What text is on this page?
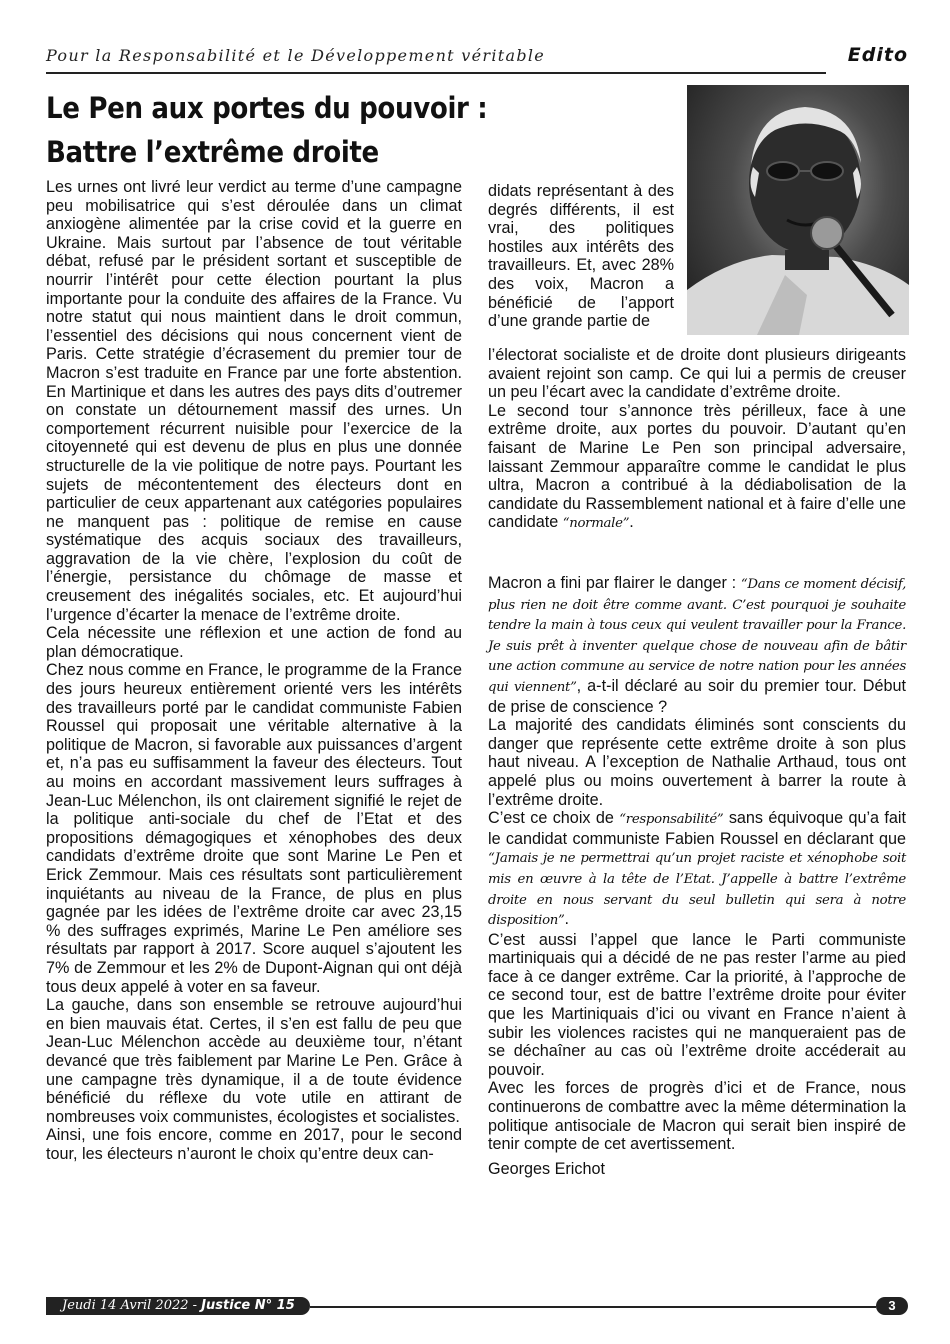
Pour la Responsabilité et le Développement véritable	Edito
Le Pen aux portes du pouvoir :
Battre l’extrême droite

Les urnes ont livré leur verdict au terme d’une campagne peu mobilisatrice qui s’est déroulée dans un climat anxiogène alimentée par la crise covid et la guerre en Ukraine. Mais surtout par l’absence de tout véritable débat, refusé par le président sortant et susceptible de nourrir l’intérêt pour cette élection pourtant la plus importante pour la conduite des affaires de la France. Vu notre statut qui nous maintient dans le droit commun, l’essentiel des décisions qui nous concernent vient de Paris. Cette stratégie d’écrasement du premier tour de Macron s’est traduite en France par une forte abstention. En Martinique et dans les autres des pays dits d’outremer on constate un détournement massif des urnes. Un comportement récurrent nuisible pour l’exercice de la citoyenneté qui est devenu de plus en plus une donnée structurelle de la vie politique de notre pays. Pourtant les sujets de mécontentement des électeurs dont en particulier de ceux appartenant aux catégories populaires ne manquent pas : politique de remise en cause systématique des acquis sociaux des travailleurs, aggravation de la vie chère, l’explosion du coût de l’énergie, persistance du chômage de masse et creusement des inégalités sociales, etc. Et aujourd’hui l’urgence d’écarter la menace de l’extrême droite.

Cela nécessite une réflexion et une action de fond au plan démocratique.

Chez nous comme en France, le programme de la France des jours heureux entièrement orienté vers les intérêts des travailleurs porté par le candidat communiste Fabien Roussel qui proposait une véritable alternative à la politique de Macron, si favorable aux puissances d’argent et, n’a pas eu suffisamment la faveur des électeurs. Tout au moins en accordant massivement leurs suffrages à Jean-Luc Mélenchon, ils ont clairement signifié le rejet de la politique anti-sociale du chef de l’Etat et des propositions démagogiques et xénophobes des deux candidats d’extrême droite que sont Marine Le Pen et Erick Zemmour. Mais ces résultats sont particulièrement inquiétants au niveau de la France, de plus en plus gagnée par les idées de l’extrême droite car avec 23,15 % des suffrages exprimés, Marine Le Pen améliore ses résultats par rapport à 2017. Score auquel s’ajoutent les 7% de Zemmour et les 2% de Dupont-Aignan qui ont déjà tous deux appelé à voter en sa faveur.

La gauche, dans son ensemble se retrouve aujourd’hui en bien mauvais état. Certes, il s’en est fallu de peu que Jean-Luc Mélenchon accède au deuxième tour, n’étant devancé que très faiblement par Marine Le Pen. Grâce à une campagne très dynamique, il a de toute évidence bénéficié du réflexe du vote utile en attirant de nombreuses voix communistes, écologistes et socialistes.

Ainsi, une fois encore, comme en 2017, pour le second tour, les électeurs n’auront le choix qu’entre deux can-

didats représentant à des degrés différents, il est vrai, des politiques hostiles aux intérêts des travailleurs. Et, avec 28% des voix, Macron a bénéficié de l’apport d’une grande partie de

l’électorat socialiste et de droite dont plusieurs dirigeants avaient rejoint son camp. Ce qui lui a permis de creuser un peu l’écart avec la candidate d’extrême droite.

Le second tour s’annonce très périlleux, face à une extrême droite, aux portes du pouvoir. D’autant qu’en faisant de Marine Le Pen son principal adversaire, laissant Zemmour apparaître comme le candidat le plus ultra, Macron a contribué à la dédiabolisation de la candidate du Rassemblement national et à faire d’elle une candidate “normale”.

Macron a fini par flairer le danger : “Dans ce moment décisif, plus rien ne doit être comme avant. C’est pourquoi je souhaite tendre la main à tous ceux qui veulent travailler pour la France. Je suis prêt à inventer quelque chose de nouveau afin de bâtir une action commune au service de notre nation pour les années qui viennent”, a-t-il déclaré au soir du premier tour. Début de prise de conscience ?

La majorité des candidats éliminés sont conscients du danger que représente cette extrême droite à son plus haut niveau. A l’exception de Nathalie Arthaud, tous ont appelé plus ou moins ouvertement à barrer la route à l’extrême droite.

C’est ce choix de “responsabilité” sans équivoque qu’a fait le candidat communiste Fabien Roussel en déclarant que “Jamais je ne permettrai qu’un projet raciste et xénophobe soit mis en œuvre à la tête de l’Etat. J’appelle à battre l’extrême droite en nous servant du seul bulletin qui sera à notre disposition”.

C’est aussi l’appel que lance le Parti communiste martiniquais qui a décidé de ne pas rester l’arme au pied face à ce danger extrême. Car la priorité, à l’approche de ce second tour, est de battre l’extrême droite pour éviter que les Martiniquais d’ici ou vivant en France n’aient à subir les violences racistes qui ne manqueraient pas de se déchaîner au cas où l’extrême droite accéderait au pouvoir.

Avec les forces de progrès d’ici et de France, nous continuerons de combattre avec la même détermination la politique antisociale de Macron qui serait bien inspiré de tenir compte de cet avertissement.

Georges Erichot

Jeudi 14 Avril 2022 - Justice N° 15	3
